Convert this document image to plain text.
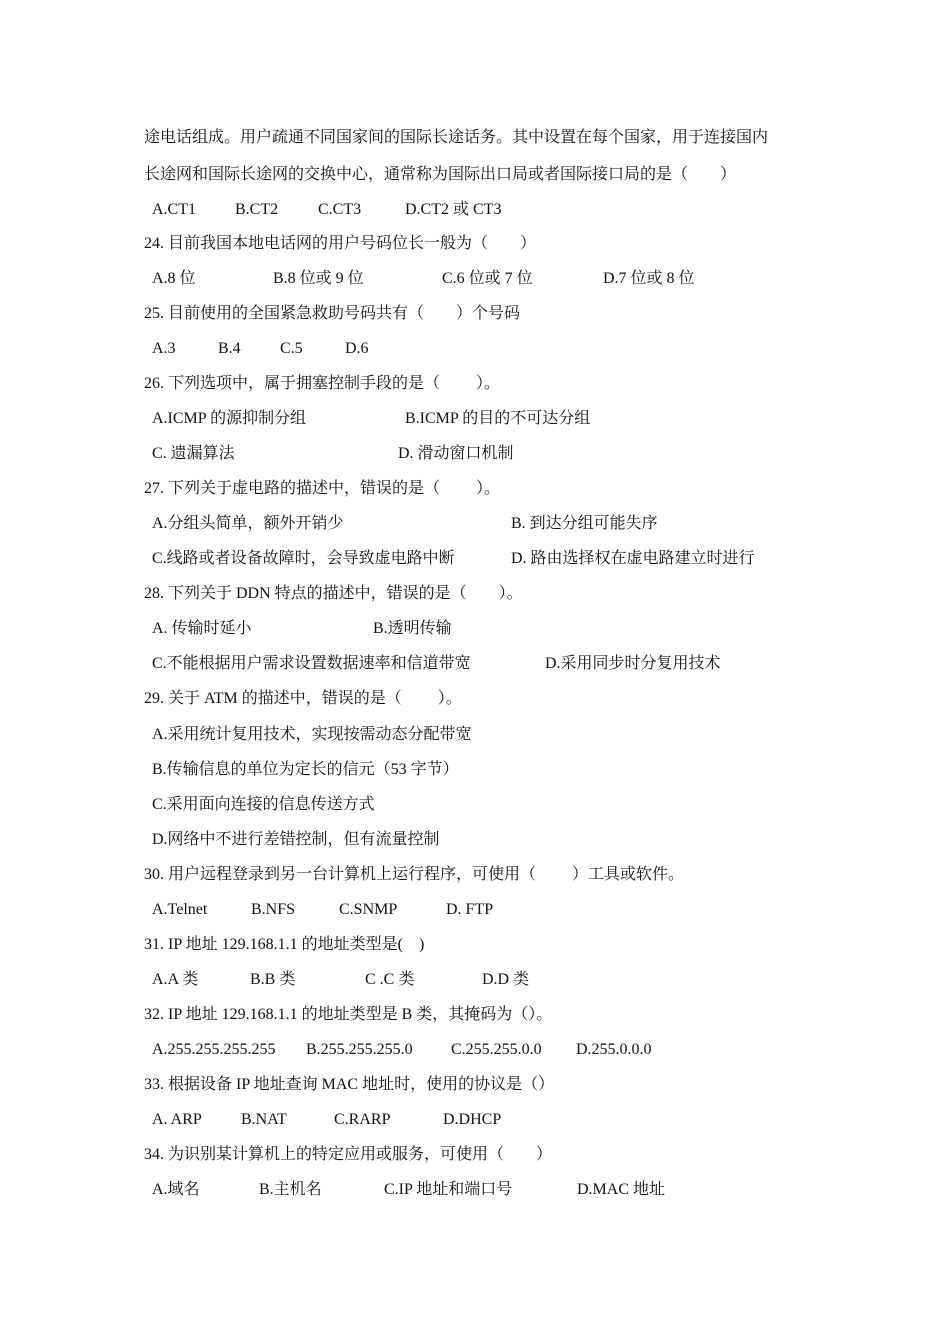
途电话组成。用户疏通不同国家间的国际长途话务。其中设置在每个国家，用于连接国内
长途网和国际长途网的交换中心，通常称为国际出口局或者国际接口局的是（　　）
A.CT1 B.CT2 C.CT3	D.CT2 或 CT3
24. 目前我国本地电话网的用户号码位长一般为（　　）
A.8 位	B.8 位或 9 位	C.6 位或 7 位	D.7 位或 8 位
25. 目前使用的全国紧急救助号码共有（　　）个号码
A.3	B.4 C.5	D.6
26. 下列选项中，属于拥塞控制手段的是（　　 ）。
A.ICMP 的源抑制分组	B.ICMP 的目的不可达分组
C. 遗漏算法	D. 滑动窗口机制
27. 下列关于虚电路的描述中，错误的是（　　 ）。
A.分组头简单，额外开销少	B. 到达分组可能失序
C.线路或者设备故障时，会导致虚电路中断	D. 路由选择权在虚电路建立时进行
28. 下列关于 DDN 特点的描述中，错误的是（　　）。
A. 传输时延小	B.透明传输
C.不能根据用户需求设置数据速率和信道带宽	D.采用同步时分复用技术
29. 关于 ATM 的描述中，错误的是（　　 ）。
A.采用统计复用技术，实现按需动态分配带宽
B.传输信息的单位为定长的信元（53 字节）
C.采用面向连接的信息传送方式
D.网络中不进行差错控制，但有流量控制
30. 用户远程登录到另一台计算机上运行程序，可使用（　　 ）工具或软件。
A.Telnet	B.NFS	C.SNMP	D. FTP
31. IP 地址 129.168.1.1 的地址类型是(　)
A.A 类	B.B 类	C .C 类	D.D 类
32. IP 地址 129.168.1.1 的地址类型是 B 类，其掩码为（）。
A.255.255.255.255 B.255.255.255.0 C.255.255.0.0 D.255.0.0.0
33. 根据设备 IP 地址查询 MAC 地址时，使用的协议是（）
A. ARP B.NAT	C.RARP	D.DHCP
34. 为识别某计算机上的特定应用或服务，可使用（　　）
A.域名	B.主机名	C.IP 地址和端口号	D.MAC 地址
